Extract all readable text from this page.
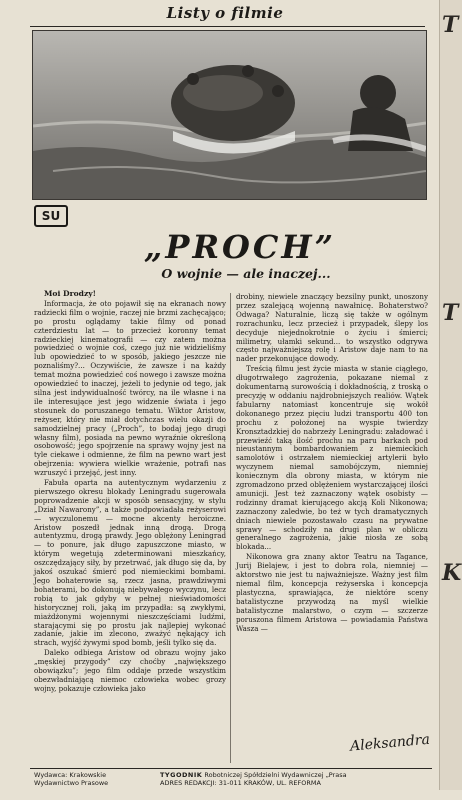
Listy o filmie	T
T
K
SU
„PROCH”
O wojnie — ale inaczej...

Moi Drodzy!

Informacja, że oto pojawił się na ekranach nowy radziecki film o wojnie, raczej nie brzmi zachęcająco; po prostu oglądamy takie filmy od ponad czterdziestu lat — to przecież koronny temat radzieckiej kinematografii — czy zatem można powiedzieć o wojnie coś, czego już nie widzieliśmy lub opowiedzieć to w sposób, jakiego jeszcze nie poznaliśmy?... Oczywiście, że zawsze i na każdy temat można powiedzieć coś nowego i zawsze można opowiedzieć to inaczej, jeżeli to jedynie od tego, jak silna jest indywidualność twórcy, na ile własne i na ile interesujące jest jego widzenie świata i jego stosunek do poruszanego tematu. Wiktor Aristow, reżyser, który nie miał dotychczas wielu okazji do samodzielnej pracy („Proch”, to bodaj jego drugi własny film), posiada na pewno wyraźnie określoną osobowość; jego spojrzenie na sprawy wojny jest na tyle ciekawe i odmienne, że film na pewno wart jest obejrzenia: wywiera wielkie wrażenie, potrafi nas wzruszyć i przejąć, jest inny.

Fabuła oparta na autentycznym wydarzeniu z pierwszego okresu blokady Leningradu sugerowała poprowadzenie akcji w sposób sensacyjny, w stylu „Dział Nawarony”, a także podpowiadała reżyserowi — wyczulonemu — mocne akcenty heroiczne. Aristow poszedł jednak inną drogą. Drogą autentyzmu, drogą prawdy. Jego oblężony Leningrad — to ponure, jak długo zapuszczone miasto, w którym wegetują zdeterminowani mieszkańcy, oszczędzający siły, by przetrwać, jak długo się da, by jakoś oszukać śmierć pod niemieckimi bombami. Jego bohaterowie są, rzecz jasna, prawdziwymi bohaterami, bo dokonują niebywałego wyczynu, lecz robią to jak gdyby w pełnej nieświadomości historycznej roli, jaką im przypadła: są zwykłymi, miażdżonymi wojennymi nieszczęściami ludźmi, starającymi się po prostu jak najlepiej wykonać zadanie, jakie im zlecono, zważyć nękający ich strach, wyjść żywymi spod bomb, jeśli tylko się da.

Daleko odbiega Aristow od obrazu wojny jako „męskiej przygody” czy choćby „największego obowiązku”; jego film oddaje przede wszystkim obezwładniającą niemoc człowieka wobec grozy wojny, pokazuje człowieka jako

drobiny, niewiele znaczący bezsilny punkt, unoszony przez szalejącą wojenną nawałnicę. Bohaterstwo? Odwaga? Naturalnie, liczą się także w ogólnym rozrachunku, lecz przecież i przypadek, ślepy los decyduje niejednokrotnie o życiu i śmierci; milimetry, ułamki sekund... to wszystko odgrywa często najważniejszą rolę i Aristow daje nam to na nader przekonujące dowody.

Treścią filmu jest życie miasta w stanie ciągłego, długotrwałego zagrożenia, pokazane niemal z dokumentarną surowością i dokładnością, z troską o precyzję w oddaniu najdrobniejszych realiów. Wątek fabularny natomiast koncentruje się wokół dokonanego przez pięciu ludzi transportu 400 ton prochu z położonej na wyspie twierdzy Kronsztadzkiej do nabrzeży Leningradu: załadować i przewieźć taką ilość prochu na paru barkach pod nieustannym bombardowaniem z niemieckich samolotów i ostrzałem niemieckiej artylerii było wyczynem niemal samobójczym, niemniej koniecznym dla obrony miasta, w którym nie zgromadzono przed oblężeniem wystarczającej ilości amunicji. Jest też zaznaczony wątek osobisty — rodzinny dramat kierującego akcją Koli Nikonowa; zaznaczony zaledwie, bo też w tych dramatycznych dniach niewiele pozostawało czasu na prywatne sprawy — schodziły na drugi plan w obliczu generalnego zagrożenia, jakie niosła ze sobą blokada...

Nikonowa gra znany aktor Teatru na Tagance, Jurij Bielajew, i jest to dobra rola, niemniej — aktorstwo nie jest tu najważniejsze. Ważny jest film niemal film, koncepcja reżyserska i koncepcja plastyczna, sprawiająca, że niektóre sceny batalistyczne przywodzą na myśl wielkie batalistyczne malarstwo, o czym — szczerze poruszona filmem Aristowa — powiadamia Państwa Wasza —

Aleksandra
Wydawca: Krakowskie
Wydawnictwo Prasowe
TYGODNIK Robotniczej Spółdzielni Wydawniczej „Prasa
ADRES REDAKCJI: 31-011 KRAKÓW, UL. REFORMA
